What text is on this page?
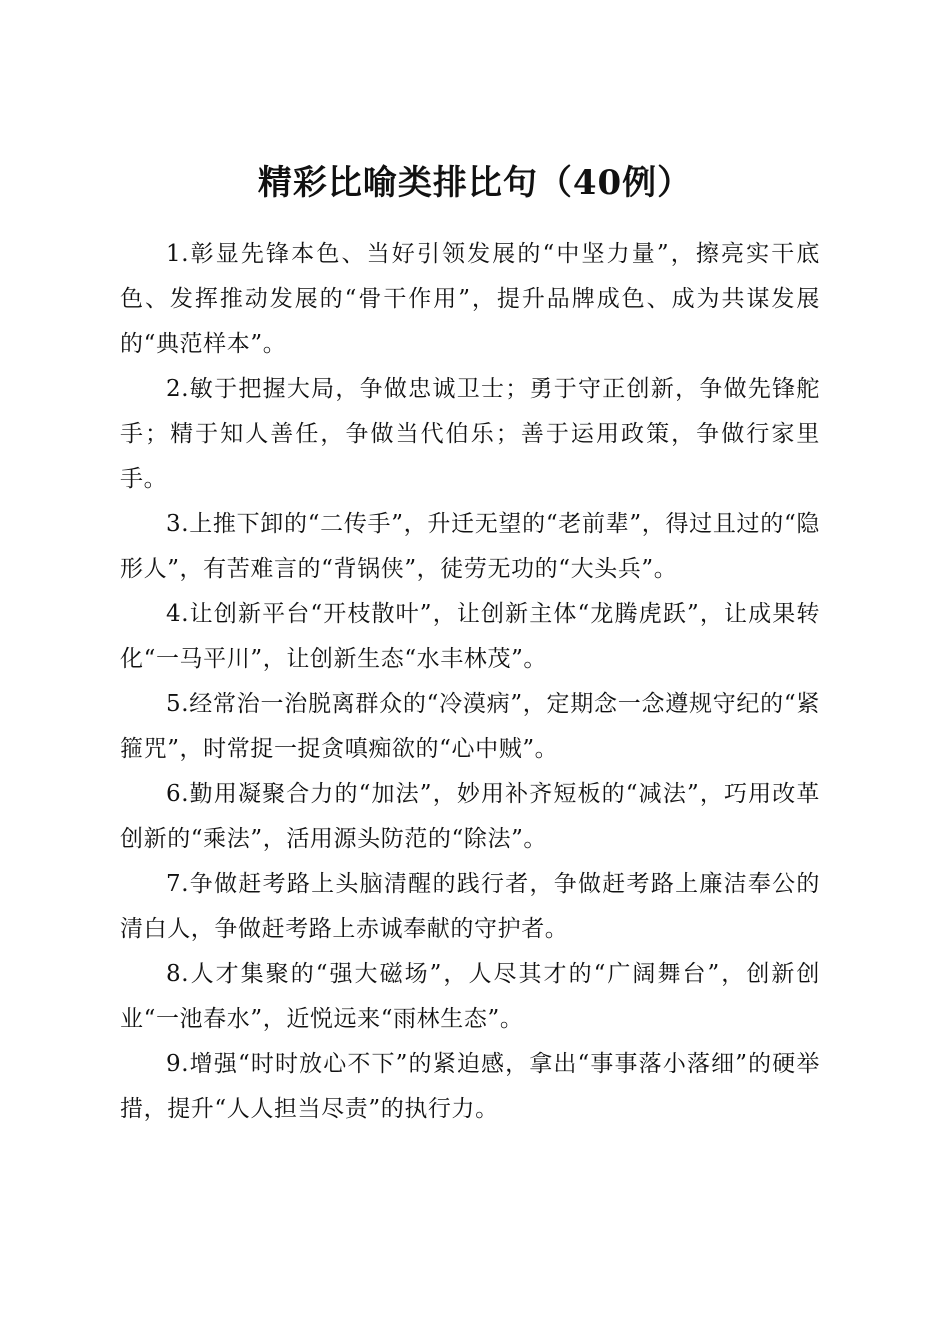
精彩比喻类排比句（40例）

1.彰显先锋本色、当好引领发展的“中坚力量”，擦亮实干底色、发挥推动发展的“骨干作用”，提升品牌成色、成为共谋发展的“典范样本”。

2.敏于把握大局，争做忠诚卫士；勇于守正创新，争做先锋舵手；精于知人善任，争做当代伯乐；善于运用政策，争做行家里手。

3.上推下卸的“二传手”，升迁无望的“老前辈”，得过且过的“隐形人”，有苦难言的“背锅侠”，徒劳无功的“大头兵”。

4.让创新平台“开枝散叶”，让创新主体“龙腾虎跃”，让成果转化“一马平川”，让创新生态“水丰林茂”。

5.经常治一治脱离群众的“冷漠病”，定期念一念遵规守纪的“紧箍咒”，时常捉一捉贪嗔痴欲的“心中贼”。

6.勤用凝聚合力的“加法”，妙用补齐短板的“减法”，巧用改革创新的“乘法”，活用源头防范的“除法”。

7.争做赶考路上头脑清醒的践行者，争做赶考路上廉洁奉公的清白人，争做赶考路上赤诚奉献的守护者。

8.人才集聚的“强大磁场”，人尽其才的“广阔舞台”，创新创业“一池春水”，近悦远来“雨林生态”。

9.增强“时时放心不下”的紧迫感，拿出“事事落小落细”的硬举措，提升“人人担当尽责”的执行力。
